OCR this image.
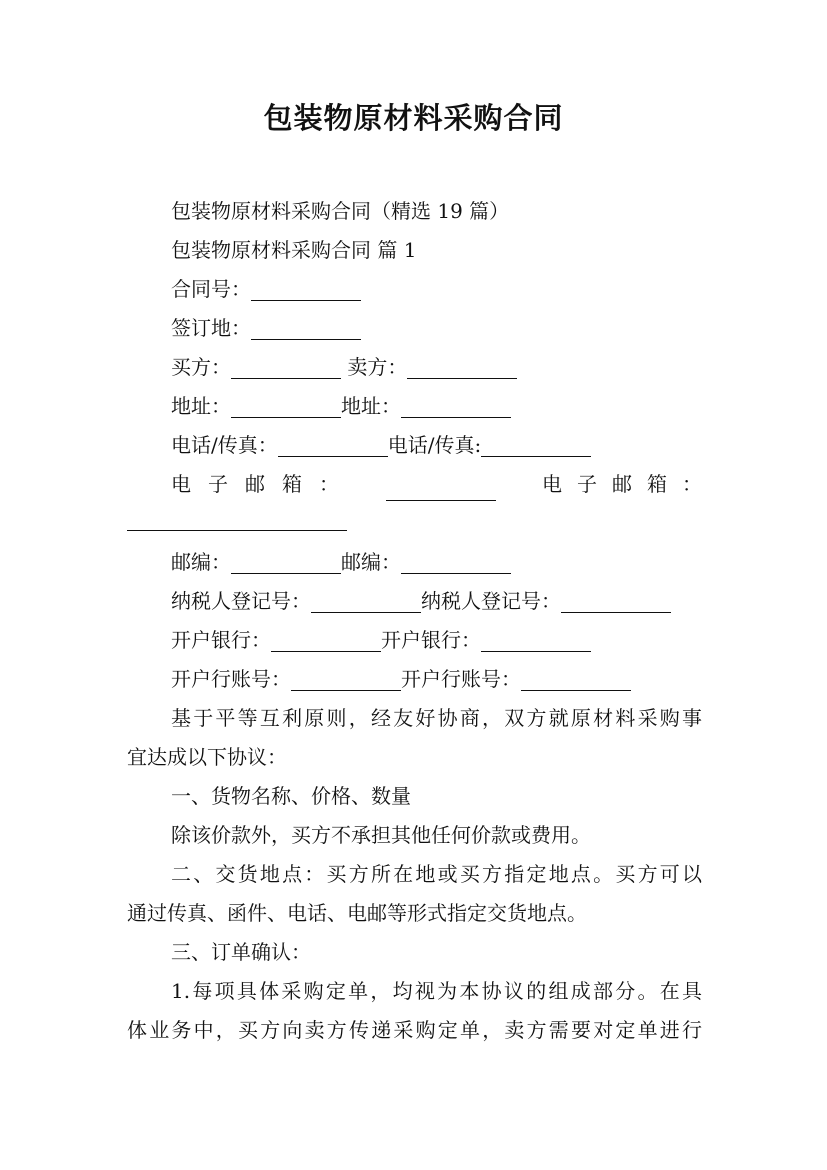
包装物原材料采购合同
包装物原材料采购合同（精选 19 篇）
包装物原材料采购合同 篇 1
合同号：
签订地：
买方：	卖方：
地址：	地址：
电话/传真：	电话/传真:
电 子 邮 箱 ：	电 子 邮 箱 ：
邮编：	邮编：
纳税人登记号：	纳税人登记号：
开户银行：	开户银行：
开户行账号：	开户行账号：
基于平等互利原则，经友好协商，双方就原材料采购事
宜达成以下协议：
一、货物名称、价格、数量
除该价款外，买方不承担其他任何价款或费用。
二、交货地点：买方所在地或买方指定地点。买方可以
通过传真、函件、电话、电邮等形式指定交货地点。
三、订单确认：
1.每项具体采购定单，均视为本协议的组成部分。在具
体业务中，买方向卖方传递采购定单，卖方需要对定单进行
